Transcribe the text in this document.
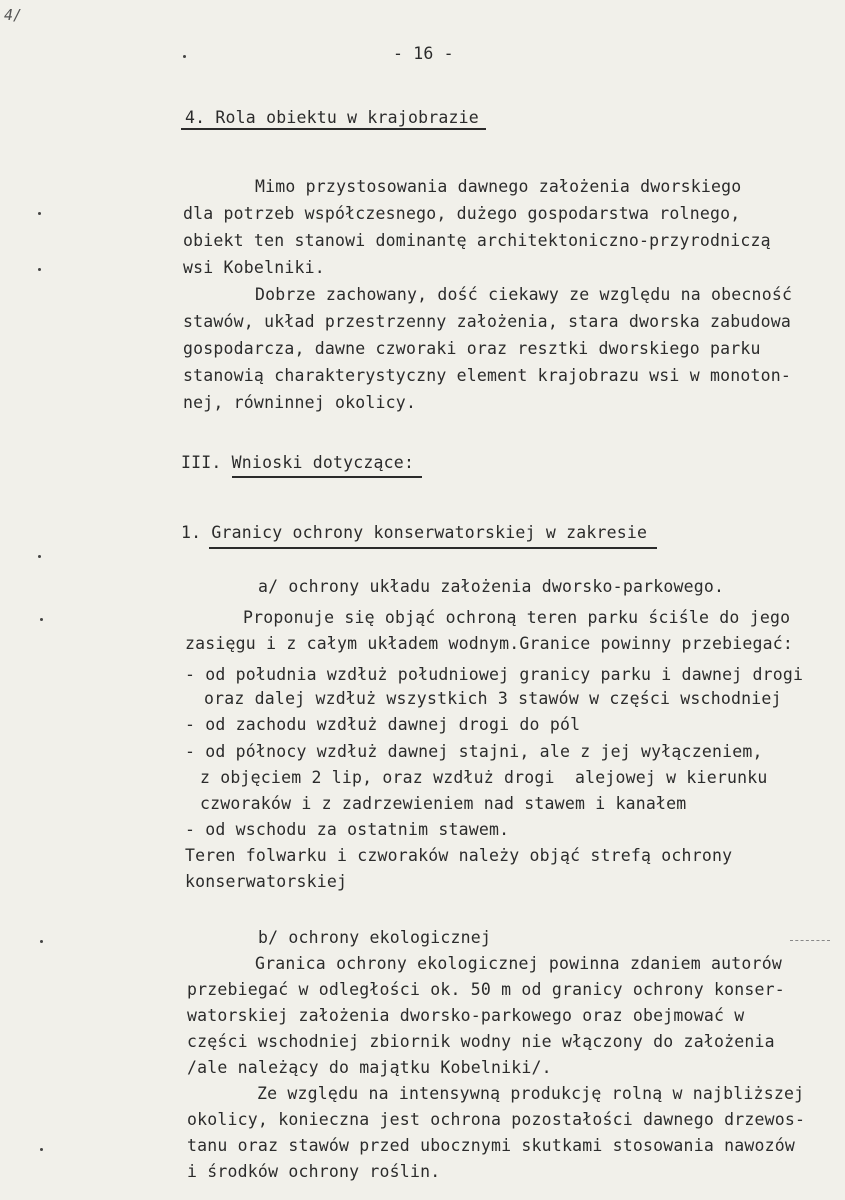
4/
- 16 -
4. Rola obiektu w krajobrazie
Mimo przystosowania dawnego założenia dworskiego
dla potrzeb współczesnego, dużego gospodarstwa rolnego,
obiekt ten stanowi dominantę architektoniczno-przyrodniczą
wsi Kobelniki.
Dobrze zachowany, dość ciekawy ze względu na obecność
stawów, układ przestrzenny założenia, stara dworska zabudowa
gospodarcza, dawne czworaki oraz resztki dworskiego parku
stanowią charakterystyczny element krajobrazu wsi w monoton-
nej, równinnej okolicy.
III. Wnioski dotyczące:
1. Granicy ochrony konserwatorskiej w zakresie
a/ ochrony układu założenia dworsko-parkowego.
Proponuje się objąć ochroną teren parku ściśle do jego
zasięgu i z całym układem wodnym.Granice powinny przebiegać:
- od południa wzdłuż południowej granicy parku i dawnej drogi
oraz dalej wzdłuż wszystkich 3 stawów w części wschodniej
- od zachodu wzdłuż dawnej drogi do pól
- od północy wzdłuż dawnej stajni, ale z jej wyłączeniem,
z objęciem 2 lip, oraz wzdłuż drogi  alejowej w kierunku
czworaków i z zadrzewieniem nad stawem i kanałem
- od wschodu za ostatnim stawem.
Teren folwarku i czworaków należy objąć strefą ochrony
konserwatorskiej
b/ ochrony ekologicznej
Granica ochrony ekologicznej powinna zdaniem autorów
przebiegać w odległości ok. 50 m od granicy ochrony konser-
watorskiej założenia dworsko-parkowego oraz obejmować w
części wschodniej zbiornik wodny nie włączony do założenia
/ale należący do majątku Kobelniki/.
Ze względu na intensywną produkcję rolną w najbliższej
okolicy, konieczna jest ochrona pozostałości dawnego drzewos-
tanu oraz stawów przed ubocznymi skutkami stosowania nawozów
i środków ochrony roślin.
